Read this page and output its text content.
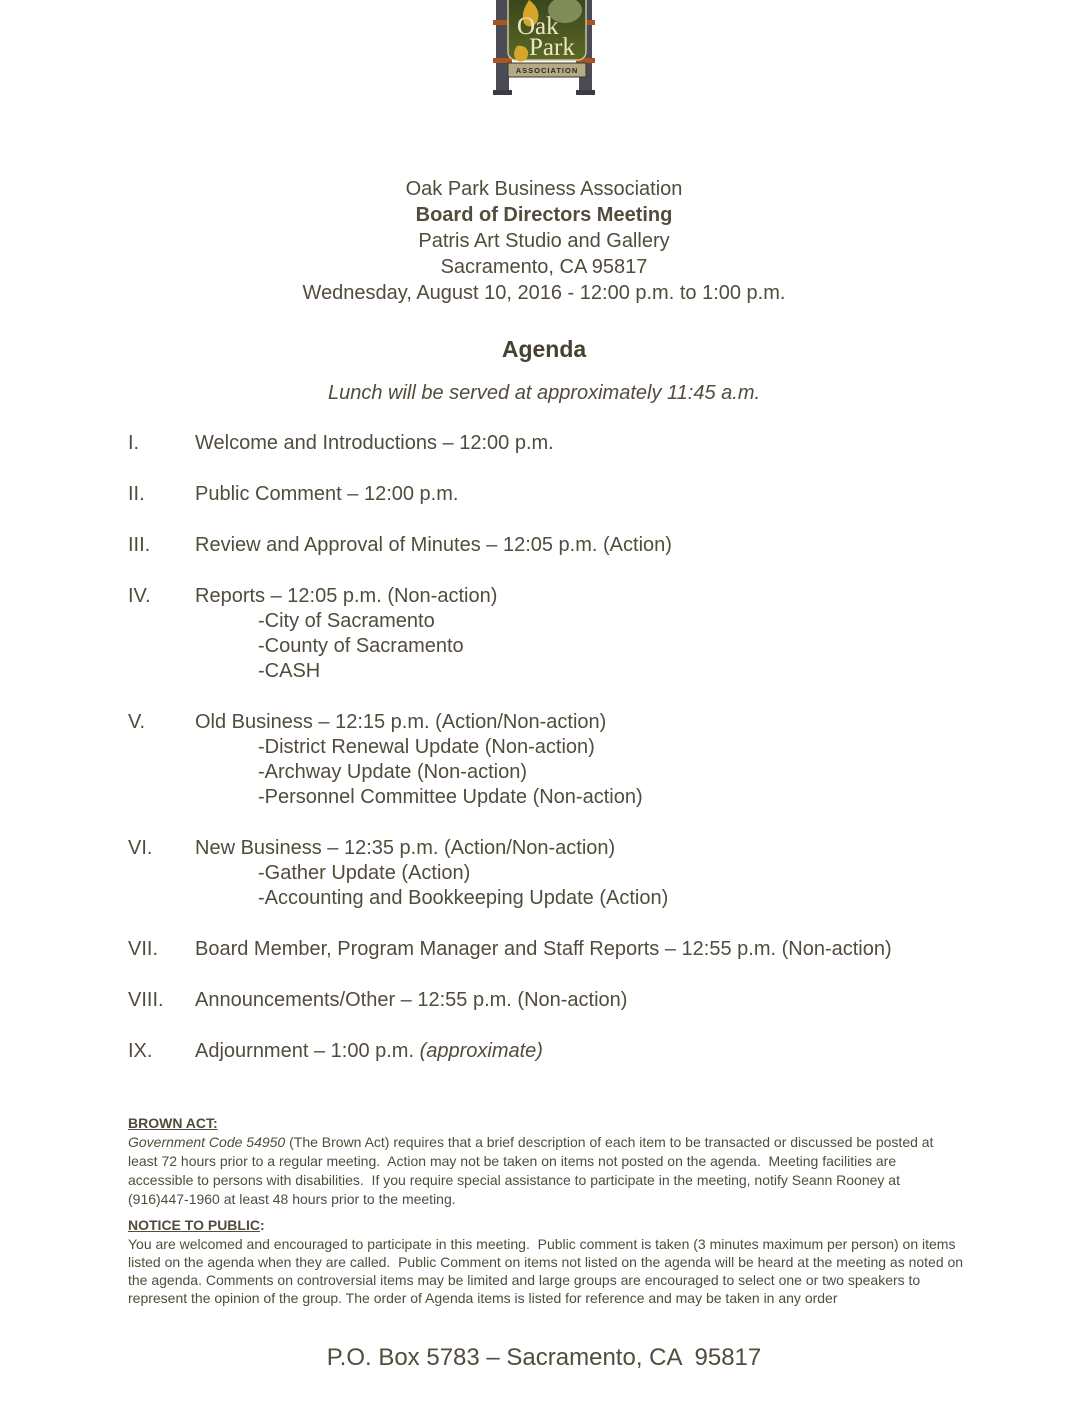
Oak
Park
ASSOCIATION
Oak Park Business Association
Board of Directors Meeting
Patris Art Studio and Gallery
Sacramento, CA 95817
Wednesday, August 10, 2016 - 12:00 p.m. to 1:00 p.m.
Agenda
Lunch will be served at approximately 11:45 a.m.
I.	Welcome and Introductions – 12:00 p.m.
II.	Public Comment – 12:00 p.m.
III. Review and Approval of Minutes – 12:05 p.m. (Action)
IV. Reports – 12:05 p.m. (Non-action)
-City of Sacramento
-County of Sacramento
-CASH
V. Old Business – 12:15 p.m. (Action/Non-action)
-District Renewal Update (Non-action)
-Archway Update (Non-action)
-Personnel Committee Update (Non-action)
VI. New Business – 12:35 p.m. (Action/Non-action)
-Gather Update (Action)
-Accounting and Bookkeeping Update (Action)
VII. Board Member, Program Manager and Staff Reports – 12:55 p.m. (Non-action)
VIII. Announcements/Other – 12:55 p.m. (Non-action)
IX. Adjournment – 1:00 p.m. (approximate)
BROWN ACT:
Government Code 54950 (The Brown Act) requires that a brief description of each item to be transacted or discussed be posted at least 72 hours prior to a regular meeting.  Action may not be taken on items not posted on the agenda.  Meeting facilities are accessible to persons with disabilities.  If you require special assistance to participate in the meeting, notify Seann Rooney at (916)447-1960 at least 48 hours prior to the meeting.
NOTICE TO PUBLIC:
You are welcomed and encouraged to participate in this meeting.  Public comment is taken (3 minutes maximum per person) on items listed on the agenda when they are called.  Public Comment on items not listed on the agenda will be heard at the meeting as noted on the agenda. Comments on controversial items may be limited and large groups are encouraged to select one or two speakers to represent the opinion of the group. The order of Agenda items is listed for reference and may be taken in any order
P.O. Box 5783 – Sacramento, CA  95817
